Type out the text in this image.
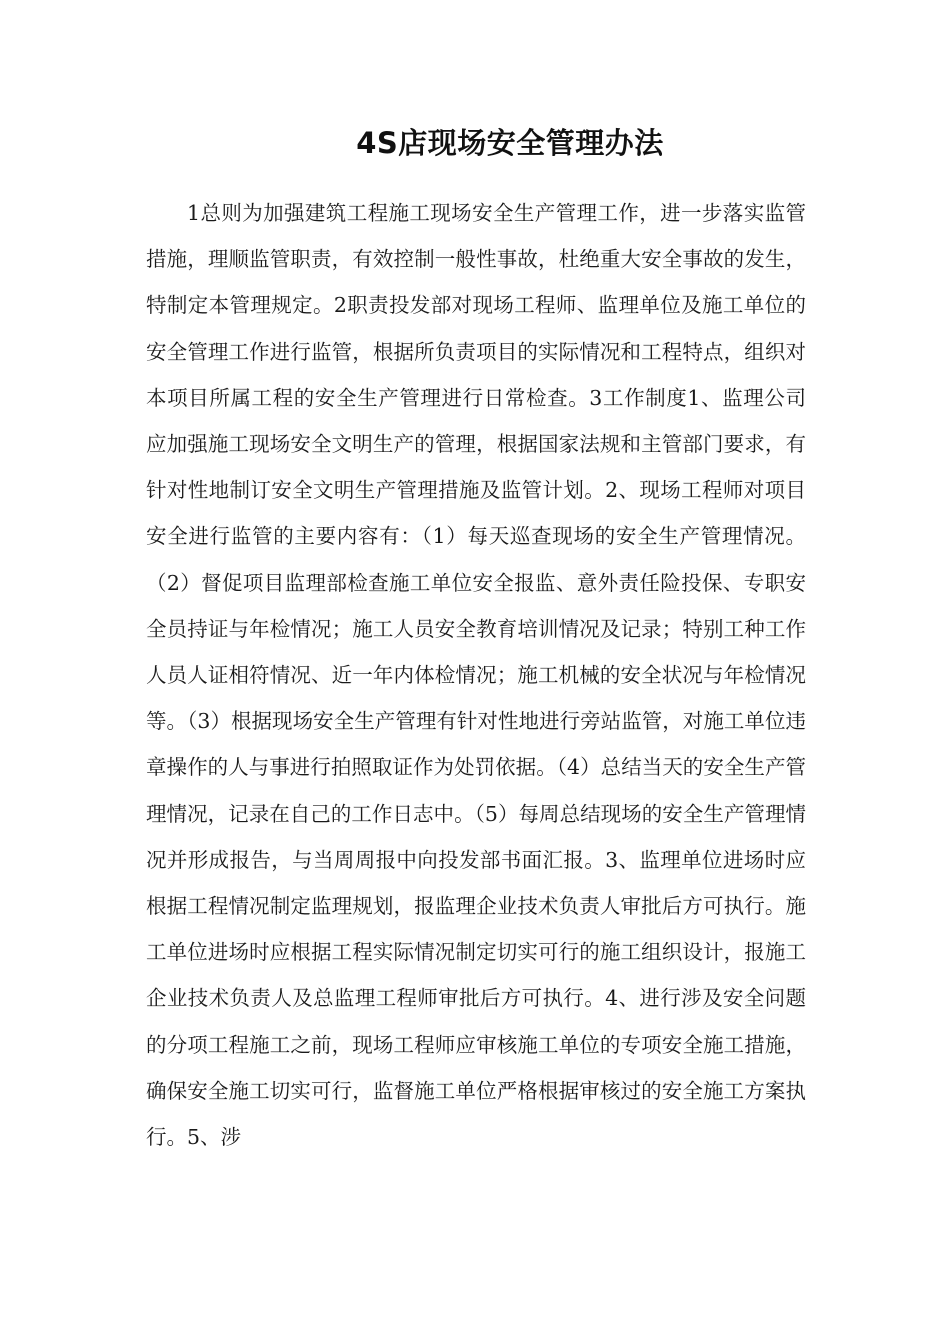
4S店现场安全管理办法

1总则为加强建筑工程施工现场安全生产管理工作，进一步落实监管措施，理顺监管职责，有效控制一般性事故，杜绝重大安全事故的发生，特制定本管理规定。2职责投发部对现场工程师、监理单位及施工单位的安全管理工作进行监管，根据所负责项目的实际情况和工程特点，组织对本项目所属工程的安全生产管理进行日常检查。3工作制度1、监理公司应加强施工现场安全文明生产的管理，根据国家法规和主管部门要求，有针对性地制订安全文明生产管理措施及监管计划。2、现场工程师对项目安全进行监管的主要内容有：（1）每天巡查现场的安全生产管理情况。（2）督促项目监理部检查施工单位安全报监、意外责任险投保、专职安全员持证与年检情况；施工人员安全教育培训情况及记录；特别工种工作人员人证相符情况、近一年内体检情况；施工机械的安全状况与年检情况等。（3）根据现场安全生产管理有针对性地进行旁站监管，对施工单位违章操作的人与事进行拍照取证作为处罚依据。（4）总结当天的安全生产管理情况，记录在自己的工作日志中。（5）每周总结现场的安全生产管理情况并形成报告，与当周周报中向投发部书面汇报。3、监理单位进场时应根据工程情况制定监理规划，报监理企业技术负责人审批后方可执行。施工单位进场时应根据工程实际情况制定切实可行的施工组织设计，报施工企业技术负责人及总监理工程师审批后方可执行。4、进行涉及安全问题的分项工程施工之前，现场工程师应审核施工单位的专项安全施工措施，确保安全施工切实可行，监督施工单位严格根据审核过的安全施工方案执行。5、涉
